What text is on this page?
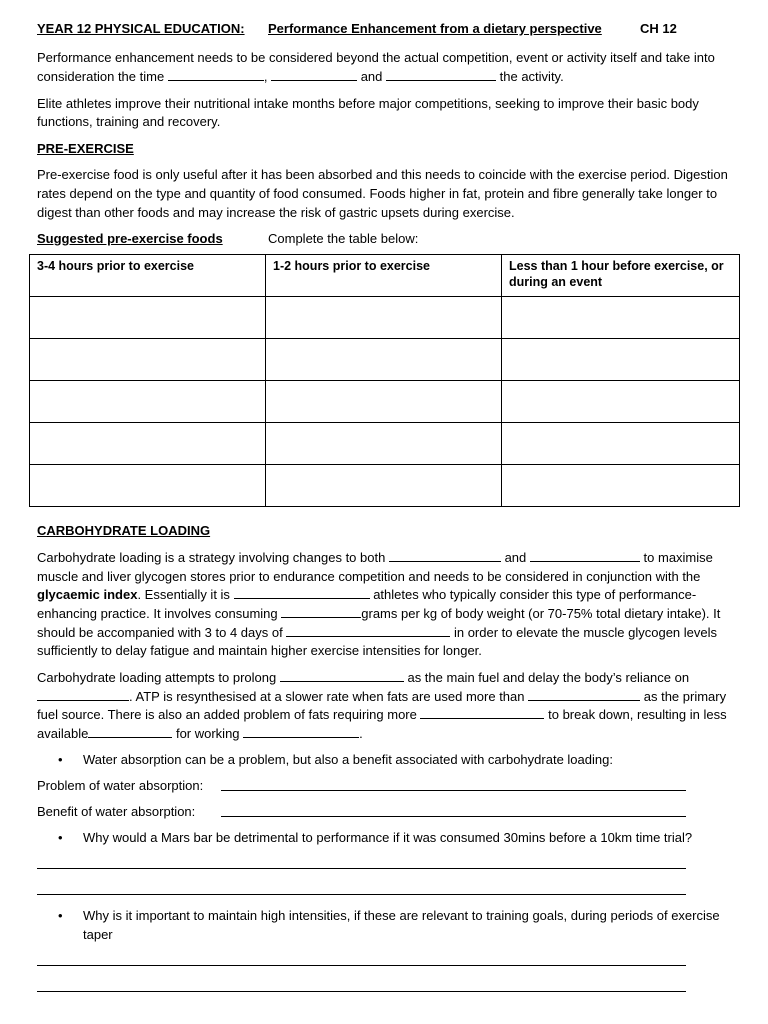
YEAR 12 PHYSICAL EDUCATION: Performance Enhancement from a dietary perspective	CH 12
Performance enhancement needs to be considered beyond the actual competition, event or activity itself and take into
consideration the time	,	and	the activity.
Elite athletes improve their nutritional intake months before major competitions, seeking to improve their basic body
functions, training and recovery.
PRE-EXERCISE
Pre-exercise food is only useful after it has been absorbed and this needs to coincide with the exercise period. Digestion
rates depend on the type and quantity of food consumed. Foods higher in fat, protein and fibre generally take longer to
digest than other foods and may increase the risk of gastric upsets during exercise.
Suggested pre-exercise foods	Complete the table below:
3-4 hours prior to exercise	1-2 hours prior to exercise	Less than 1 hour before exercise, or during an event

CARBOHYDRATE LOADING
Carbohydrate loading is a strategy involving changes to both	and	to maximise
muscle and liver glycogen stores prior to endurance competition and needs to be considered in conjunction with the
glycaemic index. Essentially it is	athletes who typically consider this type of performance-
enhancing practice. It involves consuming	grams per kg of body weight (or 70-75% total dietary intake). It
should be accompanied with 3 to 4 days of	in order to elevate the muscle glycogen levels
sufficiently to delay fatigue and maintain higher exercise intensities for longer.
Carbohydrate loading attempts to prolong	as the main fuel and delay the body’s reliance on
. ATP is resynthesised at a slower rate when fats are used more than	as the primary
fuel source. There is also an added problem of fats requiring more	to break down, resulting in less
available	for working	.
• Water absorption can be a problem, but also a benefit associated with carbohydrate loading:
Problem of water absorption:
Benefit of water absorption:
• Why would a Mars bar be detrimental to performance if it was consumed 30mins before a 10km time trial?
• Why is it important to maintain high intensities, if these are relevant to training goals, during periods of exercise
taper
